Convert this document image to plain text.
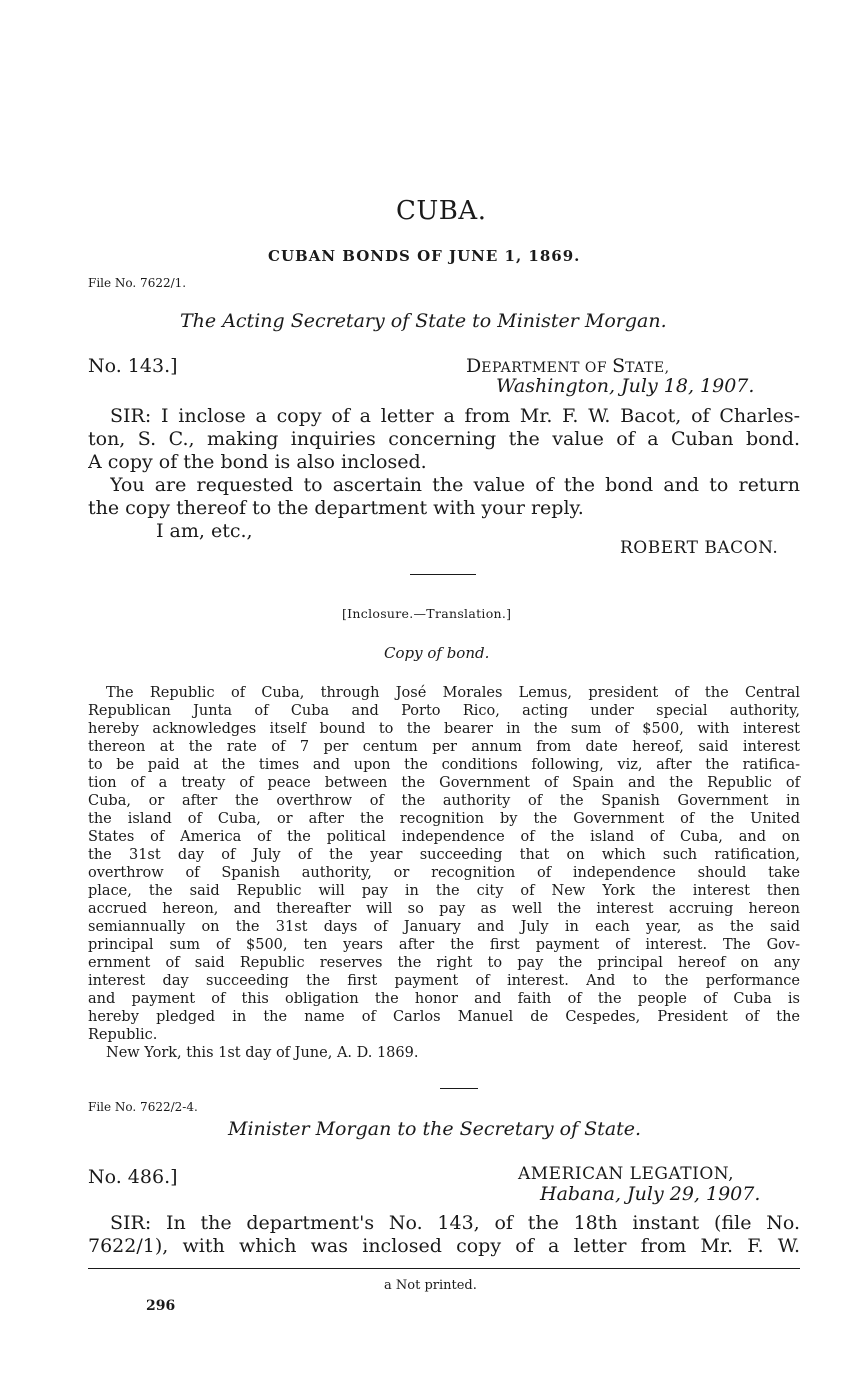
CUBA.
CUBAN BONDS OF JUNE 1, 1869.
File No. 7622/1.
The Acting Secretary of State to Minister Morgan.
No. 143.]	DEPARTMENT OF STATE,
Washington, July 18, 1907.
SIR: I inclose a copy of a letter a from Mr. F. W. Bacot, of Charles-
ton, S. C., making inquiries concerning the value of a Cuban bond.
A copy of the bond is also inclosed.
You are requested to ascertain the value of the bond and to return
the copy thereof to the department with your reply.
I am, etc.,
ROBERT BACON.
[Inclosure.—Translation.]
Copy of bond.
The Republic of Cuba, through José Morales Lemus, president of the Central
Republican Junta of Cuba and Porto Rico, acting under special authority,
hereby acknowledges itself bound to the bearer in the sum of $500, with interest
thereon at the rate of 7 per centum per annum from date hereof, said interest
to be paid at the times and upon the conditions following, viz, after the ratifica-
tion of a treaty of peace between the Government of Spain and the Republic of
Cuba, or after the overthrow of the authority of the Spanish Government in
the island of Cuba, or after the recognition by the Government of the United
States of America of the political independence of the island of Cuba, and on
the 31st day of July of the year succeeding that on which such ratification,
overthrow of Spanish authority, or recognition of independence should take
place, the said Republic will pay in the city of New York the interest then
accrued hereon, and thereafter will so pay as well the interest accruing hereon
semiannually on the 31st days of January and July in each year, as the said
principal sum of $500, ten years after the first payment of interest. The Gov-
ernment of said Republic reserves the right to pay the principal hereof on any
interest day succeeding the first payment of interest. And to the performance
and payment of this obligation the honor and faith of the people of Cuba is
hereby pledged in the name of Carlos Manuel de Cespedes, President of the
Republic.
New York, this 1st day of June, A. D. 1869.
File No. 7622/2-4.
Minister Morgan to the Secretary of State.
No. 486.]	AMERICAN LEGATION,
Habana, July 29, 1907.
SIR: In the department's No. 143, of the 18th instant (file No.
7622/1), with which was inclosed copy of a letter from Mr. F. W.
a Not printed.
296
